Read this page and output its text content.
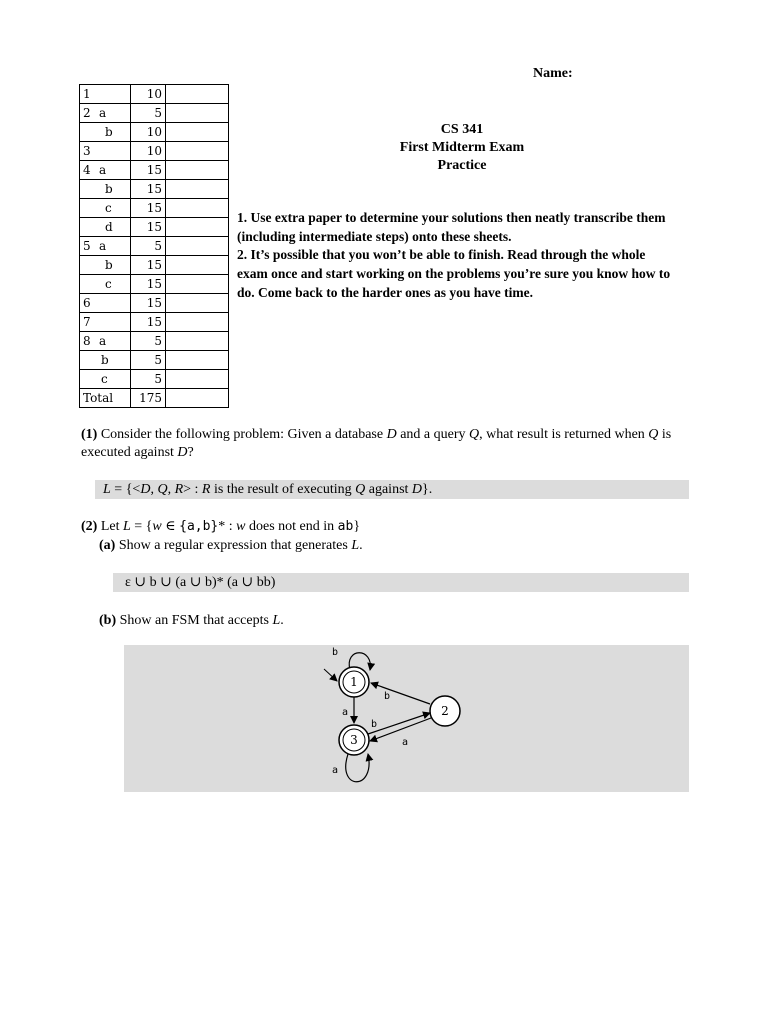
Name:
1	10	
2 a	5	
b	10	
3	10	
4 a	15	
b	15	
c	15	
d	15	
5 a	5	
b	15	
c	15	
6	15	
7	15	
8 a	5	
b	5	
c	5	
Total	175	
CS 341
First Midterm Exam
Practice

1. Use extra paper to determine your solutions then neatly transcribe them (including intermediate steps) onto these sheets.

2. It’s possible that you won’t be able to finish. Read through the whole exam once and start working on the problems you’re sure you know how to do. Come back to the harder ones as you have time.

(1) Consider the following problem: Given a database D and a query Q, what result is returned when Q is executed against D?
L = {<D, Q, R> : R is the result of executing Q against D}.
(2) Let L = {w ∈ {a,b}* : w does not end in ab}
(a) Show a regular expression that generates L.
ε ∪ b ∪ (a ∪ b)* (a ∪ bb)
(b) Show an FSM that accepts L.
b
1
a
b
2
b
a
3
a
